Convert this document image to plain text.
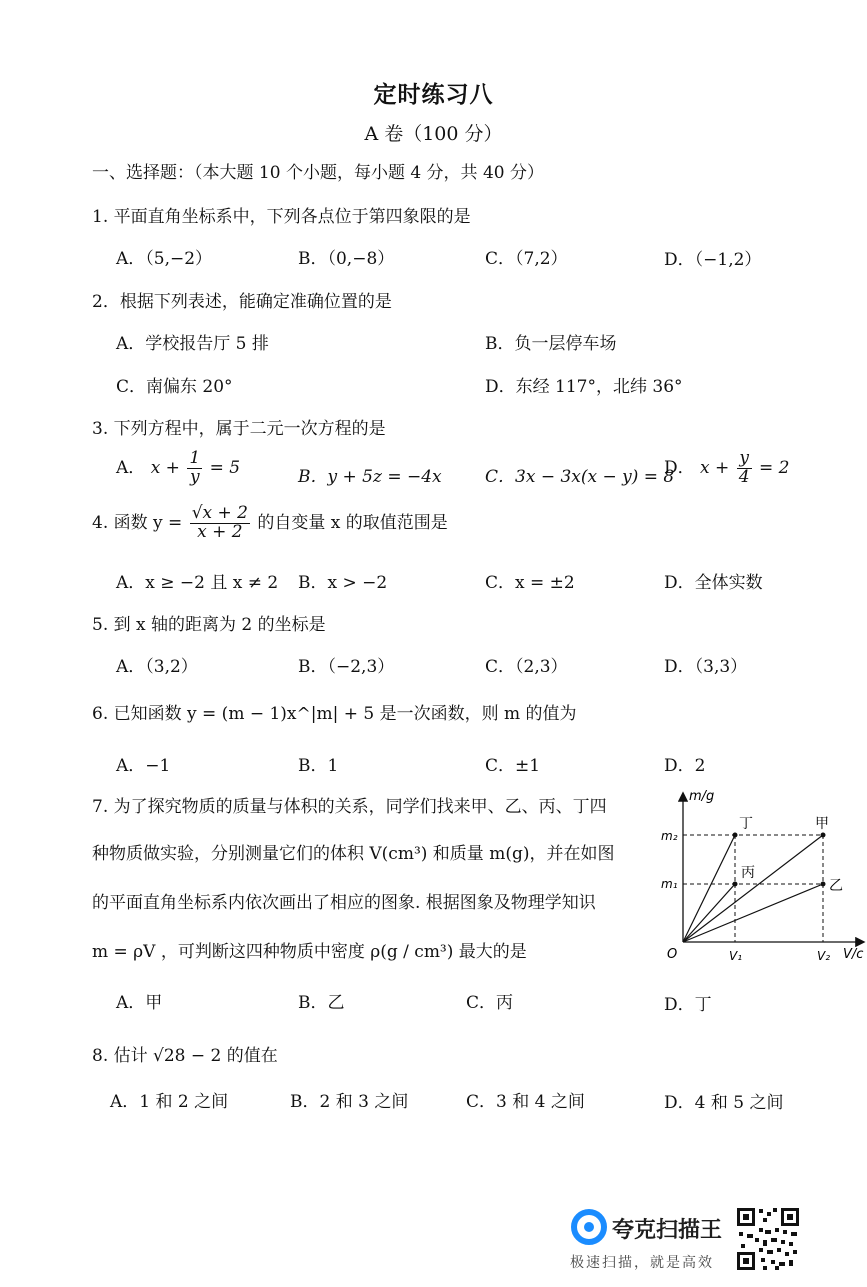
定时练习八
A 卷（100 分）
一、选择题：（本大题 10 个小题，每小题 4 分，共 40 分）
1. 平面直角坐标系中，下列各点位于第四象限的是
A．（5,−2）	B．（0,−8）	C．（7,2）	D．（−1,2）
2．根据下列表述，能确定准确位置的是
A．学校报告厅 5 排	B．负一层停车场
C．南偏东 20°	D．东经 117°，北纬 36°
3. 下列方程中，属于二元一次方程的是
A． $x + \frac{1}{y} = 5$	B．y + 5z = −4x	C．3x − 3x(x − y) = 8
D． $x + \frac{y}{4} = 2$
4. 函数 $y = \frac{√x + 2}{x + 2}$ 的自变量 x 的取值范围是
A．x ≥ −2 且 x ≠ 2 B．x > −2	C．x = ±2	D．全体实数
5. 到 x 轴的距离为 2 的坐标是
A．（3,2）	B．（−2,3）	C．（2,3）	D．（3,3）
6. 已知函数 y = (m − 1)x^|m| + 5 是一次函数，则 m 的值为
A．−1	B．1	C．±1	D．2
7. 为了探究物质的质量与体积的关系，同学们找来甲、乙、丙、丁四
种物质做实验，分别测量它们的体积 V(cm³) 和质量 m(g)，并在如图
的平面直角坐标系内依次画出了相应的图象. 根据图象及物理学知识
m = ρV ，可判断这四种物质中密度 ρ(g / cm³) 最大的是
A．甲	B．乙	C．丙	D．丁
m/g
V/c
O
m₂
m₁
V₁	V₂
丁	甲
丙
乙
8. 估计 √28 − 2 的值在
A．1 和 2 之间	B．2 和 3 之间	C．3 和 4 之间	D．4 和 5 之间
夸克扫描王
极速扫描，就是高效
